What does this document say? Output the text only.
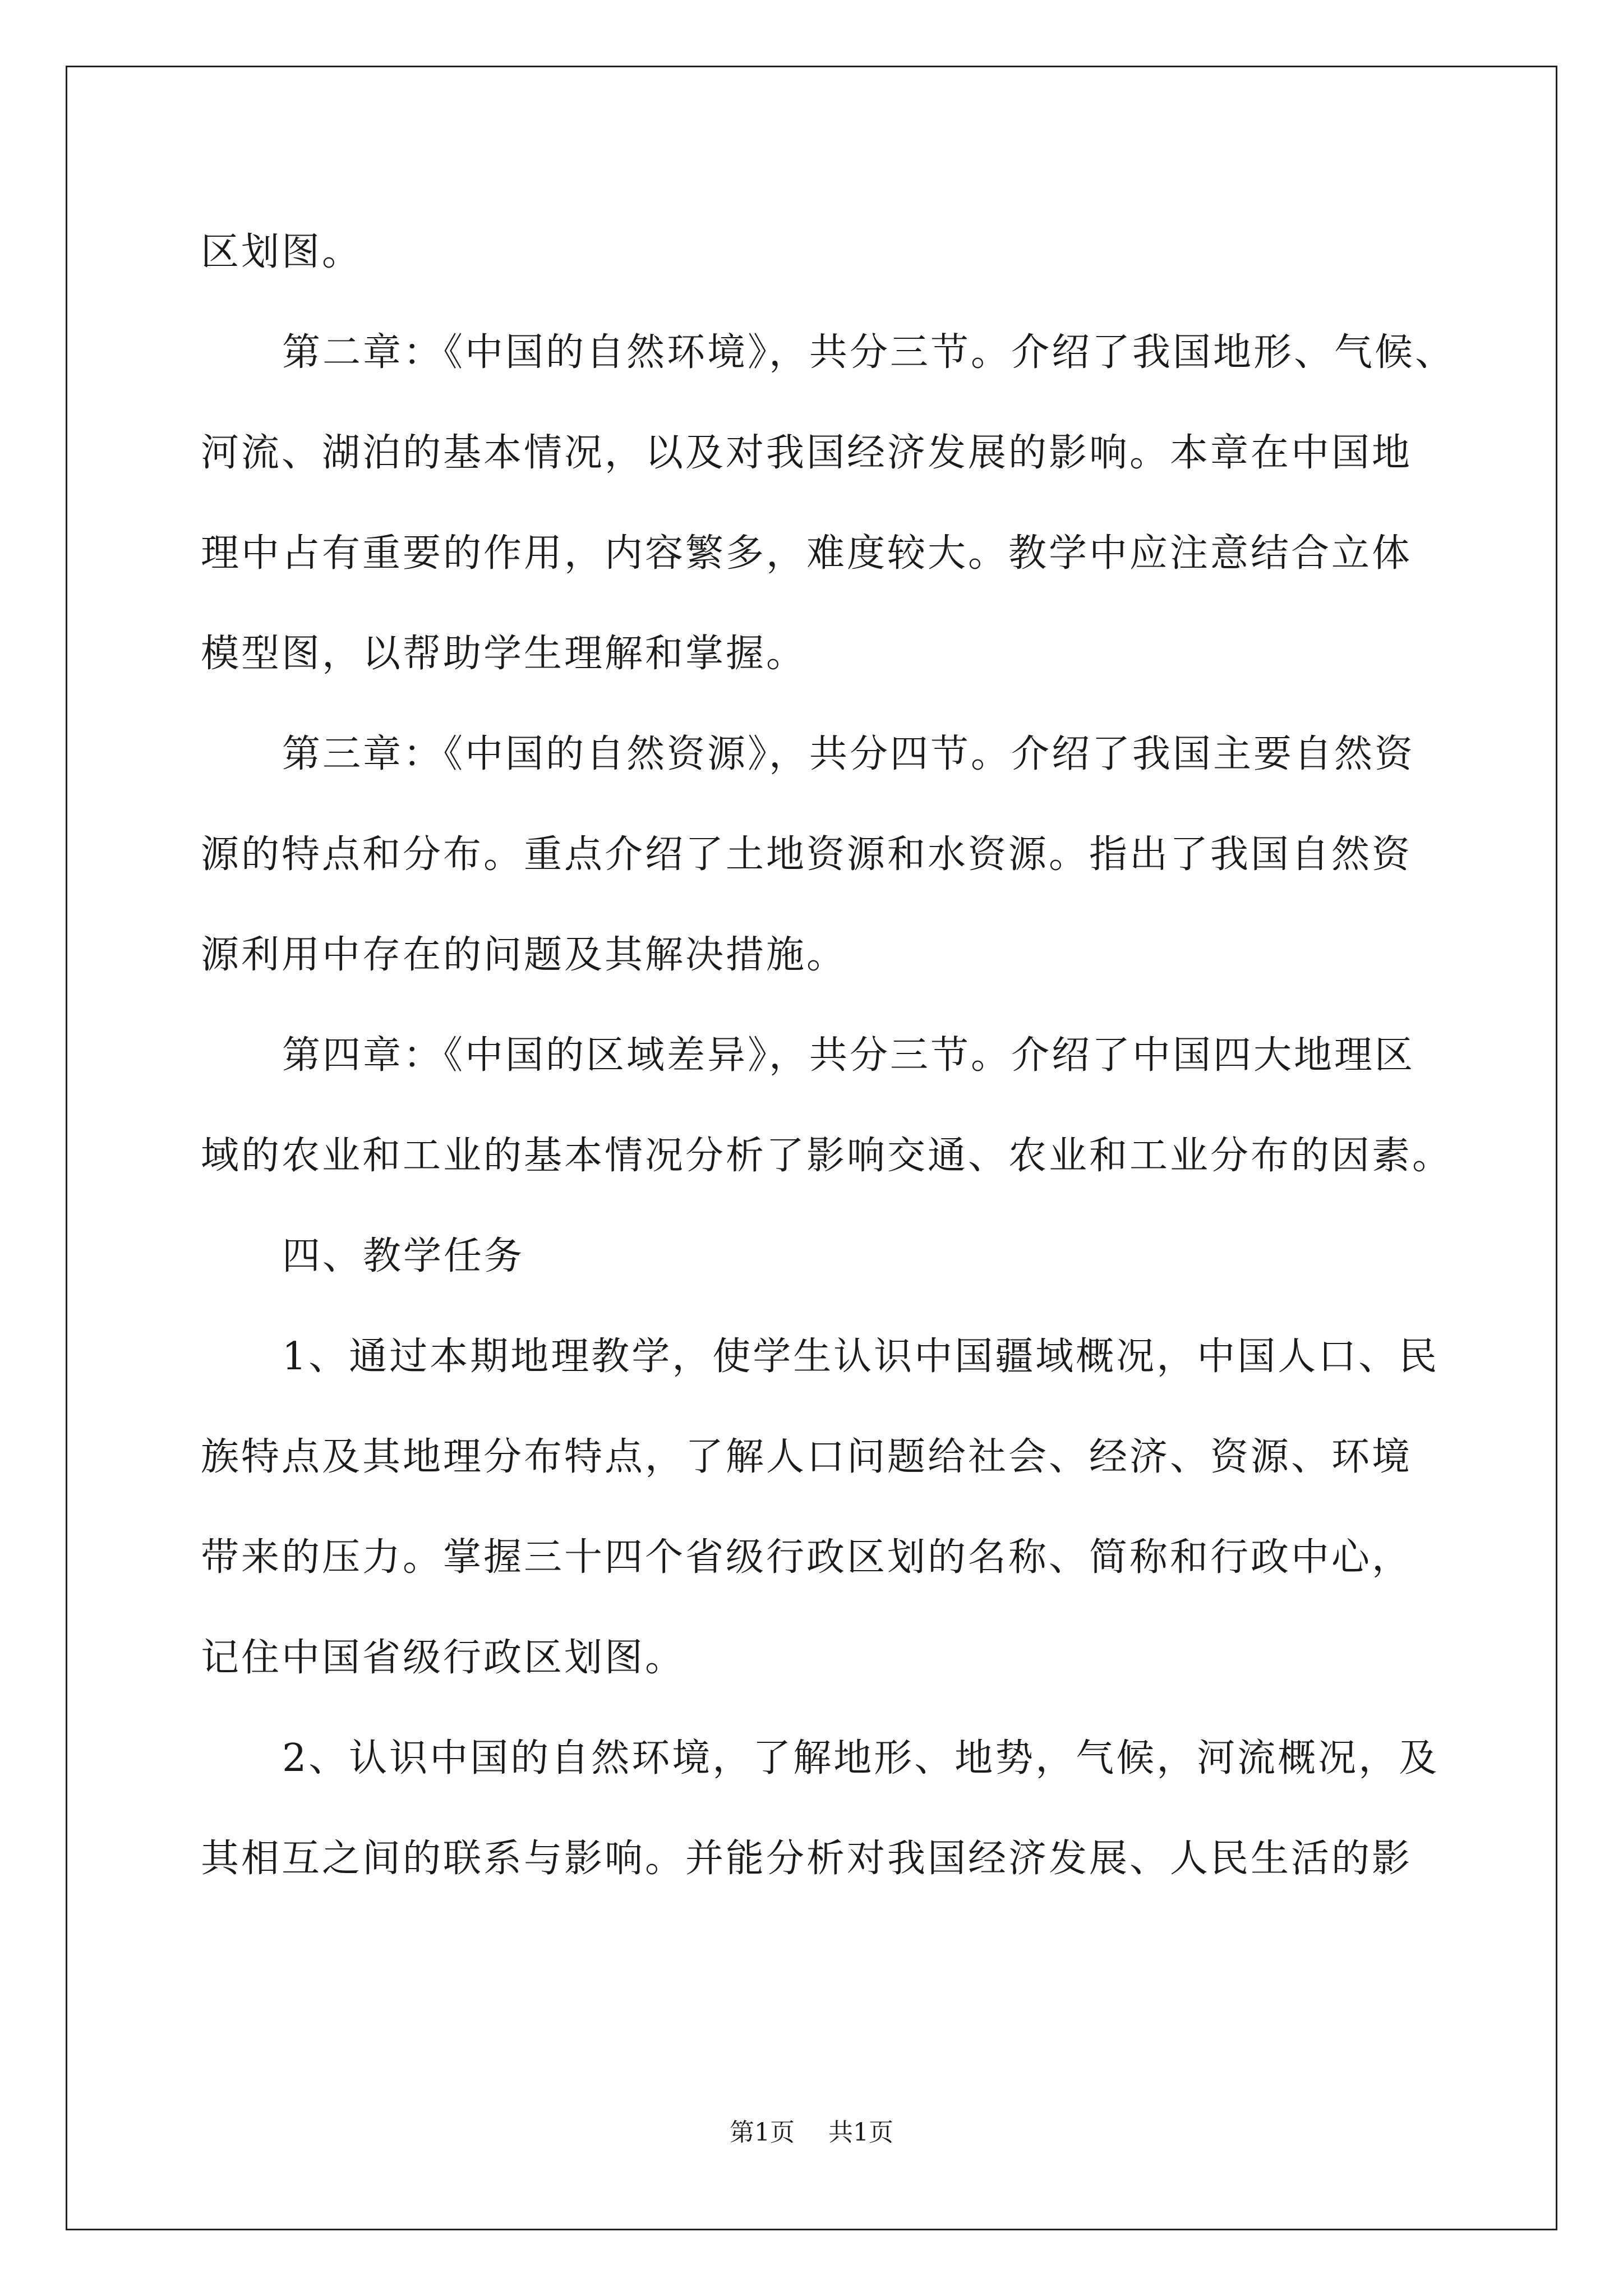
区划图。
第二章：《中国的自然环境》，共分三节。介绍了我国地形、气候、
河流、湖泊的基本情况，以及对我国经济发展的影响。本章在中国地
理中占有重要的作用，内容繁多，难度较大。教学中应注意结合立体
模型图，以帮助学生理解和掌握。
第三章：《中国的自然资源》，共分四节。介绍了我国主要自然资
源的特点和分布。重点介绍了土地资源和水资源。指出了我国自然资
源利用中存在的问题及其解决措施。
第四章：《中国的区域差异》，共分三节。介绍了中国四大地理区
域的农业和工业的基本情况分析了影响交通、农业和工业分布的因素。
四、教学任务
1、通过本期地理教学，使学生认识中国疆域概况，中国人口、民
族特点及其地理分布特点，了解人口问题给社会、经济、资源、环境
带来的压力。掌握三十四个省级行政区划的名称、简称和行政中心，
记住中国省级行政区划图。
2、认识中国的自然环境，了解地形、地势，气候，河流概况，及
其相互之间的联系与影响。并能分析对我国经济发展、人民生活的影
第1页 共1页
